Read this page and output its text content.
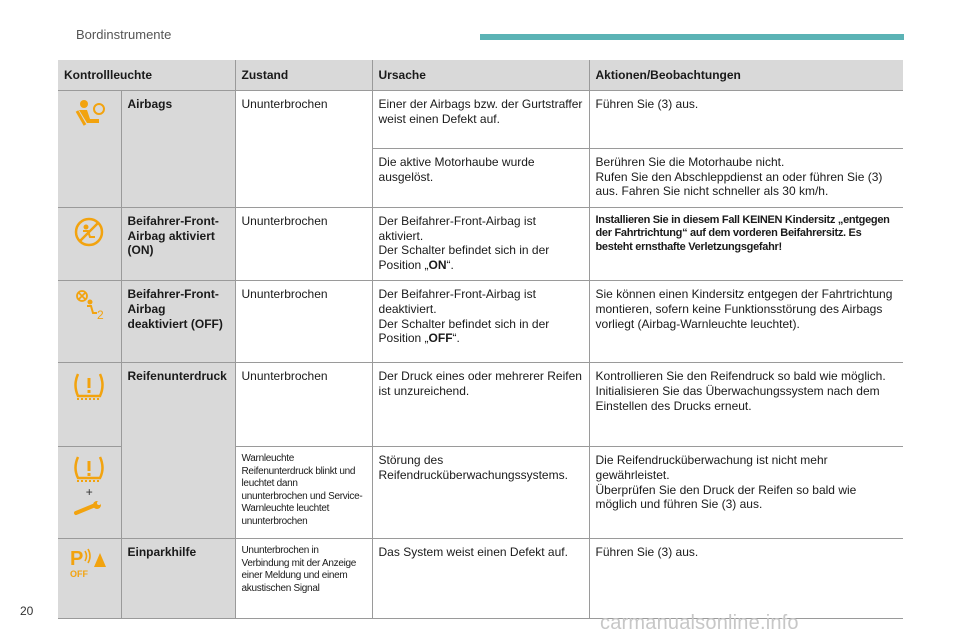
Bordinstrumente
Kontrollleuchte		Zustand	Ursache	Aktionen/Beobachtungen

	Airbags	Ununterbrochen	Einer der Airbags bzw. der Gurtstraffer weist einen Defekt auf.	Führen Sie (3) aus.
			Die aktive Motorhaube wurde ausgelöst.	Berühren Sie die Motorhaube nicht.
Rufen Sie den Abschleppdienst an oder führen Sie (3) aus. Fahren Sie nicht schneller als 30 km/h.

	Beifahrer-Front-Airbag aktiviert (ON)	Ununterbrochen	Der Beifahrer-Front-Airbag ist aktiviert.
Der Schalter befindet sich in der Position „ON“.	Installieren Sie in diesem Fall KEINEN Kindersitz „entgegen der Fahrtrichtung“ auf dem vorderen Beifahrersitz. Es besteht ernsthafte Verletzungsgefahr!

2	Beifahrer-Front-Airbag deaktiviert (OFF)	Ununterbrochen	Der Beifahrer-Front-Airbag ist deaktiviert.
Der Schalter befindet sich in der Position „OFF“.	Sie können einen Kindersitz entgegen der Fahrtrichtung montieren, sofern keine Funktionsstörung des Airbags vorliegt (Airbag-Warnleuchte leuchtet).

	Reifenunterdruck	Ununterbrochen	Der Druck eines oder mehrerer Reifen ist unzureichend.	Kontrollieren Sie den Reifendruck so bald wie möglich.
Initialisieren Sie das Überwachungssystem nach dem Einstellen des Drucks erneut.

+		Warnleuchte Reifenunterdruck blinkt und leuchtet dann ununterbrochen und Service-Warnleuchte leuchtet ununterbrochen	Störung des Reifendrucküberwachungssystems.	Die Reifendrucküberwachung ist nicht mehr gewährleistet.
Überprüfen Sie den Druck der Reifen so bald wie möglich und führen Sie (3) aus.

P
OFF	Einparkhilfe	Ununterbrochen in Verbindung mit der Anzeige einer Meldung und einem akustischen Signal	Das System weist einen Defekt auf.	Führen Sie (3) aus.
20
carmanualsonline.info
